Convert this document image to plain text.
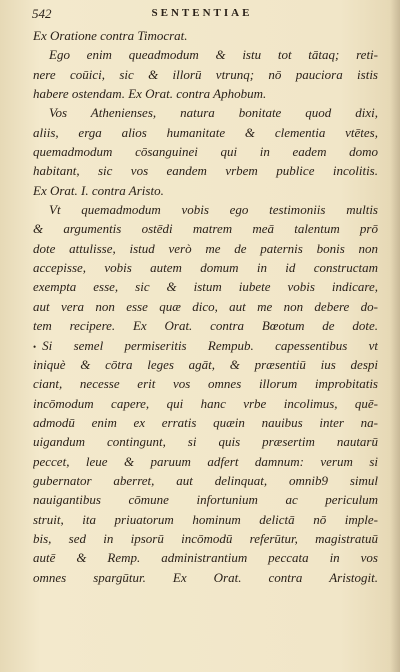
542	SENTENTIAE
Ex Oratione contra Timocrat.
Ego enim queadmodum & istu tot tātaq; reti-
nere coūici, sic & illorū vtrunq; nō pauciora istis
habere ostendam. Ex Orat. contra Aphobum.
Vos Athenienses, natura bonitate quod dixi,
aliis, erga alios humanitate & clementia vtētes,
quemadmodum cōsanguinei qui in eadem domo
habitant, sic vos eandem vrbem publice incolitis.
Ex Orat. I. contra Aristo.
Vt quemadmodum vobis ego testimoniis multis
& argumentis ostēdi matrem meā talentum prō
dote attulisse, istud verò me de paternis bonis non
accepisse, vobis autem domum in id constructam
exempta esse, sic & istum iubete vobis indicare,
aut vera non esse quæ dico, aut me non debere do-
tem recipere. Ex Orat. contra Bœotum de dote.
• Si semel permiseritis Rempub. capessentibus vt
iniquè & cōtra leges agāt, & præsentiū ius despi
ciant, necesse erit vos omnes illorum improbitatis
incōmodum capere, qui hanc vrbe incolimus, quē-
admodū enim ex erratis quæin nauibus inter na-
uigandum contingunt, si quis præsertim nautarū
peccet, leue & paruum adfert damnum: verum si
gubernator aberret, aut delinquat, omnib9 simul
nauigantibus cōmune infortunium ac periculum
struit, ita priuatorum hominum delictā nō imple-
bis, sed in ipsorū incōmodū referūtur, magistratuū
autē & Remp. administrantium peccata in vos
omnes spargūtur. Ex Orat. contra Aristogit.
